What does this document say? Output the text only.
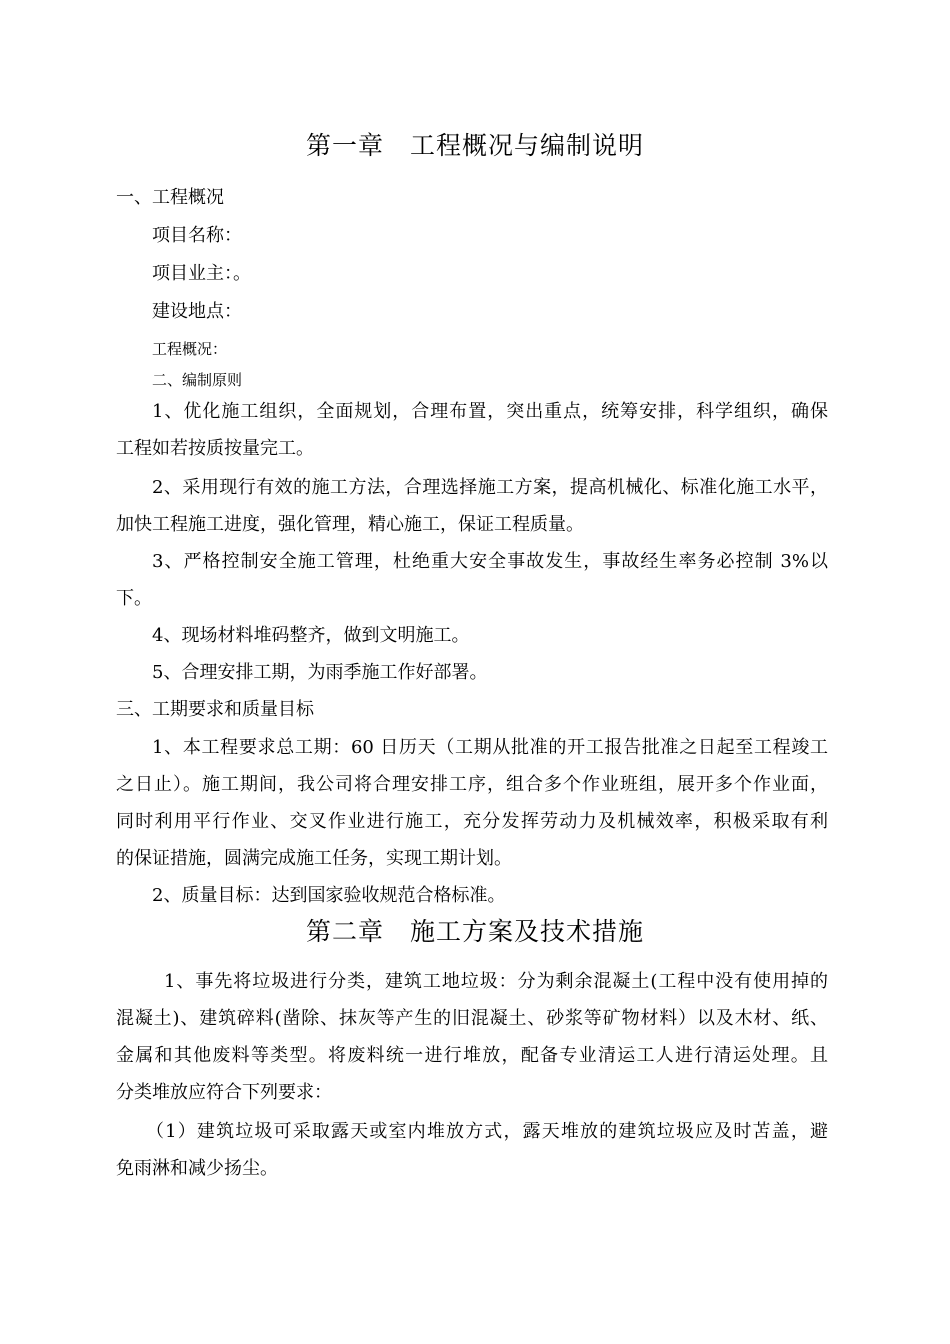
第一章　工程概况与编制说明
一、工程概况
项目名称：
项目业主：。
建设地点：
工程概况：
二、编制原则
1、优化施工组织，全面规划，合理布置，突出重点，统筹安排，科学组织，确保
工程如若按质按量完工。
2、采用现行有效的施工方法，合理选择施工方案，提高机械化、标准化施工水平，
加快工程施工进度，强化管理，精心施工，保证工程质量。
3、严格控制安全施工管理，杜绝重大安全事故发生，事故经生率务必控制 3%以
下。
4、现场材料堆码整齐，做到文明施工。
5、合理安排工期，为雨季施工作好部署。
三、工期要求和质量目标
1、本工程要求总工期：60 日历天（工期从批准的开工报告批准之日起至工程竣工
之日止）。施工期间，我公司将合理安排工序，组合多个作业班组，展开多个作业面，
同时利用平行作业、交叉作业进行施工，充分发挥劳动力及机械效率，积极采取有利
的保证措施，圆满完成施工任务，实现工期计划。
2、质量目标：达到国家验收规范合格标准。
第二章　施工方案及技术措施
1、事先将垃圾进行分类，建筑工地垃圾：分为剩余混凝土(工程中没有使用掉的
混凝土)、建筑碎料(凿除、抹灰等产生的旧混凝土、砂浆等矿物材料）以及木材、纸、
金属和其他废料等类型。将废料统一进行堆放，配备专业清运工人进行清运处理。且
分类堆放应符合下列要求：
（1）建筑垃圾可采取露天或室内堆放方式，露天堆放的建筑垃圾应及时苫盖，避
免雨淋和减少扬尘。
